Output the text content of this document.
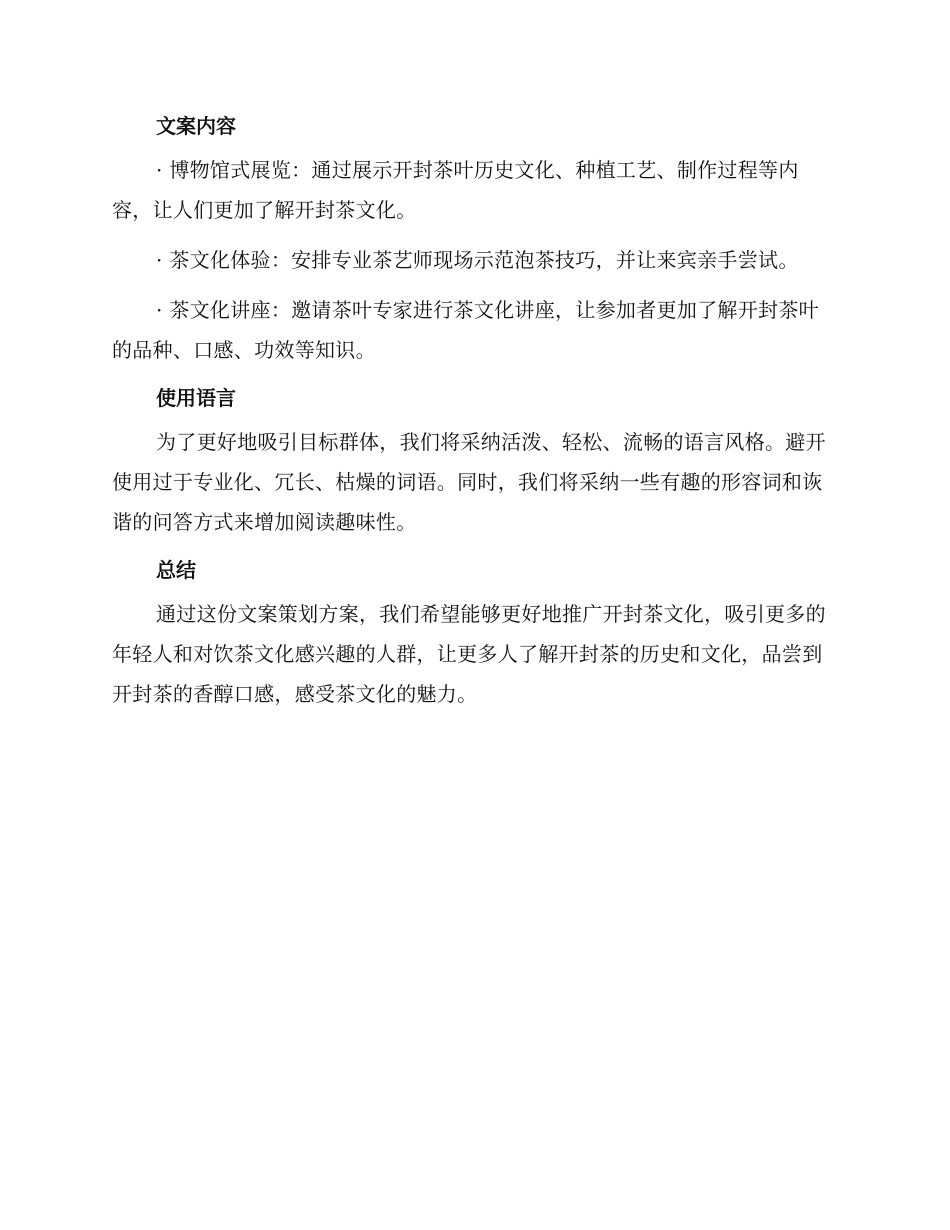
文案内容

· 博物馆式展览：通过展示开封茶叶历史文化、种植工艺、制作过程等内容，让人们更加了解开封茶文化。

· 茶文化体验：安排专业茶艺师现场示范泡茶技巧，并让来宾亲手尝试。

· 茶文化讲座：邀请茶叶专家进行茶文化讲座，让参加者更加了解开封茶叶的品种、口感、功效等知识。

使用语言

为了更好地吸引目标群体，我们将采纳活泼、轻松、流畅的语言风格。避开使用过于专业化、冗长、枯燥的词语。同时，我们将采纳一些有趣的形容词和诙谐的问答方式来增加阅读趣味性。

总结

通过这份文案策划方案，我们希望能够更好地推广开封茶文化，吸引更多的年轻人和对饮茶文化感兴趣的人群，让更多人了解开封茶的历史和文化，品尝到开封茶的香醇口感，感受茶文化的魅力。
